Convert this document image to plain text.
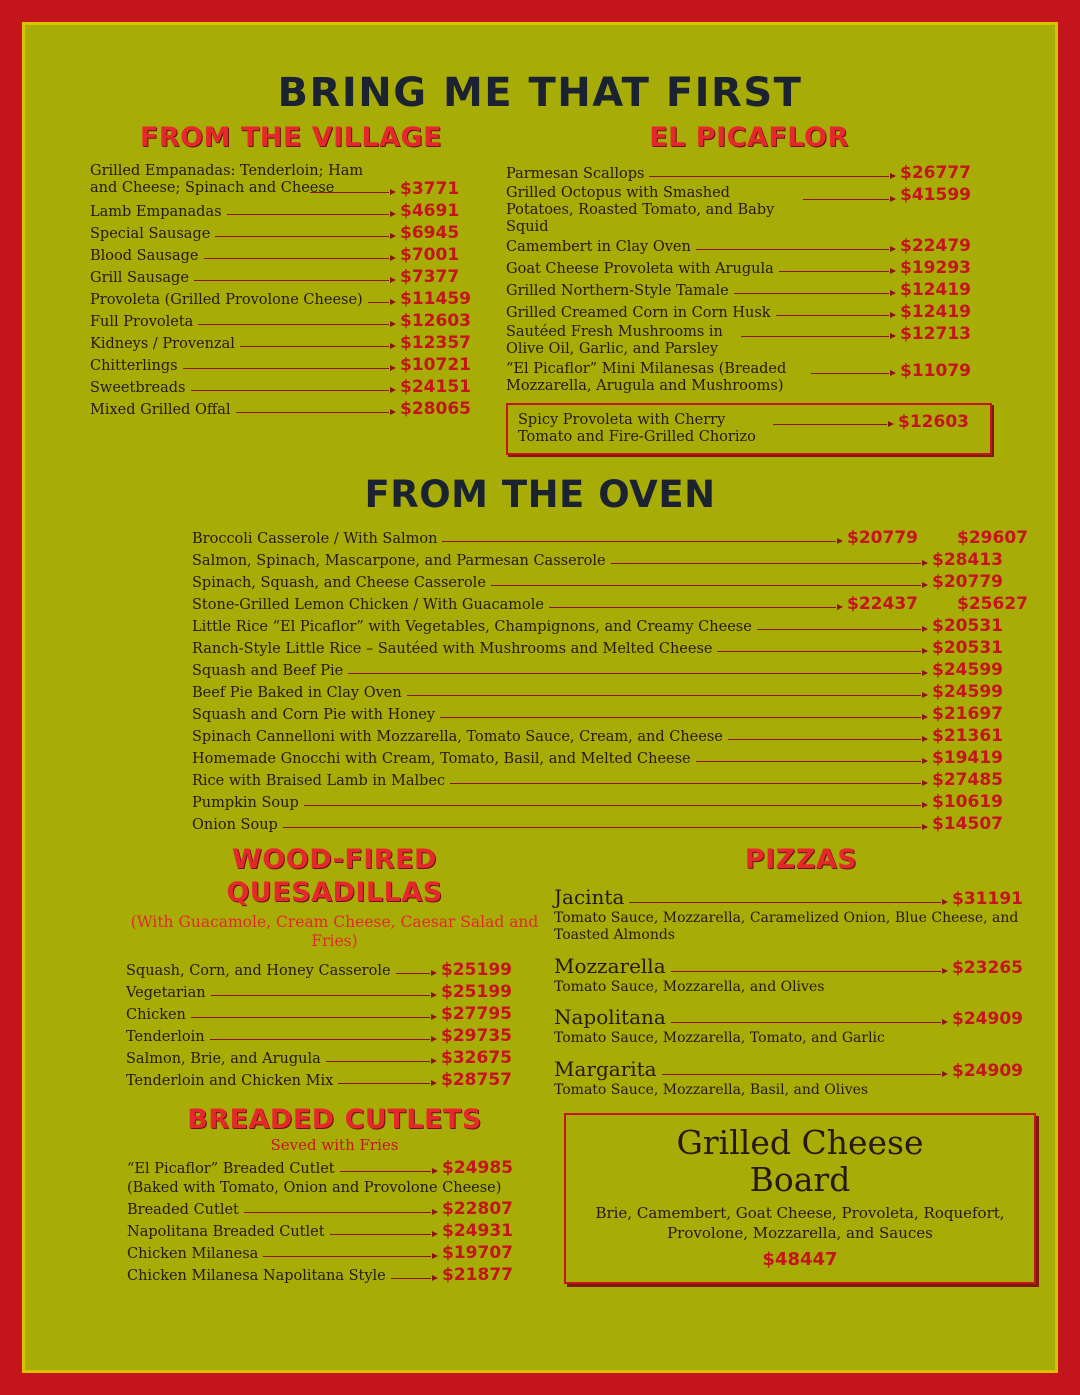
BRING ME THAT FIRST
FROM THE VILLAGE
Grilled Empanadas: Tenderloin; Ham and Cheese; Spinach and Cheese	$3771
Lamb Empanadas	$4691
Special Sausage	$6945
Blood Sausage	$7001
Grill Sausage	$7377
Provoleta (Grilled Provolone Cheese) $11459
Full Provoleta	$12603
Kidneys / Provenzal	$12357
Chitterlings	$10721
Sweetbreads	$24151
Mixed Grilled Offal	$28065
EL PICAFLOR
Parmesan Scallops	$26777
Grilled Octopus with Smashed Potatoes, Roasted Tomato, and Baby Squid
$41599
Camembert in Clay Oven	$22479
Goat Cheese Provoleta with Arugula	$19293
Grilled Northern-Style Tamale	$12419
Grilled Creamed Corn in Corn Husk	$12419
Sautéed Fresh Mushrooms in Olive Oil, Garlic, and Parsley
$12713
“El Picaflor” Mini Milanesas (Breaded Mozzarella, Arugula and Mushrooms)
$11079
Spicy Provoleta with Cherry Tomato and Fire-Grilled Chorizo
$12603
FROM THE OVEN
Broccoli Casserole / With Salmon	$20779	$29607
Salmon, Spinach, Mascarpone, and Parmesan Casserole	$28413
Spinach, Squash, and Cheese Casserole	$20779
Stone-Grilled Lemon Chicken / With Guacamole	$22437	$25627
Little Rice “El Picaflor” with Vegetables, Champignons, and Creamy Cheese	$20531
Ranch-Style Little Rice – Sautéed with Mushrooms and Melted Cheese	$20531
Squash and Beef Pie	$24599
Beef Pie Baked in Clay Oven	$24599
Squash and Corn Pie with Honey	$21697
Spinach Cannelloni with Mozzarella, Tomato Sauce, Cream, and Cheese	$21361
Homemade Gnocchi with Cream, Tomato, Basil, and Melted Cheese	$19419
Rice with Braised Lamb in Malbec	$27485
Pumpkin Soup	$10619
Onion Soup	$14507
WOOD-FIRED
QUESADILLAS
(With Guacamole, Cream Cheese, Caesar Salad and Fries)
Squash, Corn, and Honey Casserole	$25199
Vegetarian	$25199
Chicken	$27795
Tenderloin	$29735
Salmon, Brie, and Arugula	$32675
Tenderloin and Chicken Mix	$28757
BREADED CUTLETS
Seved with Fries
“El Picaflor” Breaded Cutlet	$24985
(Baked with Tomato, Onion and Provolone Cheese)
Breaded Cutlet	$22807
Napolitana Breaded Cutlet	$24931
Chicken Milanesa	$19707
Chicken Milanesa Napolitana Style	$21877
PIZZAS
Jacinta	$31191
Tomato Sauce, Mozzarella, Caramelized Onion, Blue Cheese, and Toasted Almonds
Mozzarella	$23265
Tomato Sauce, Mozzarella, and Olives
Napolitana	$24909
Tomato Sauce, Mozzarella, Tomato, and Garlic
Margarita	$24909
Tomato Sauce, Mozzarella, Basil, and Olives
Grilled Cheese
Board
Brie, Camembert, Goat Cheese, Provoleta, Roquefort, Provolone, Mozzarella, and Sauces
$48447
